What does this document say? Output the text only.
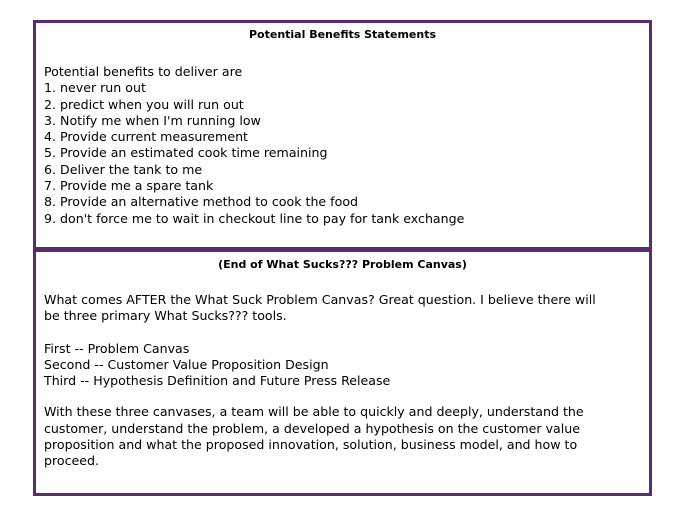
Potential Benefits Statements
Potential benefits to deliver are
1. never run out
2. predict when you will run out
3. Notify me when I'm running low
4. Provide current measurement
5. Provide an estimated cook time remaining
6. Deliver the tank to me
7. Provide me a spare tank
8. Provide an alternative method to cook the food
9. don't force me to wait in checkout line to pay for tank exchange
(End of What Sucks??? Problem Canvas)
What comes AFTER the What Suck Problem Canvas? Great question. I believe there will
be three primary What Sucks??? tools.
First -- Problem Canvas
Second -- Customer Value Proposition Design
Third -- Hypothesis Definition and Future Press Release
With these three canvases, a team will be able to quickly and deeply, understand the
customer, understand the problem, a developed a hypothesis on the customer value
proposition and what the proposed innovation, solution, business model, and how to
proceed.
